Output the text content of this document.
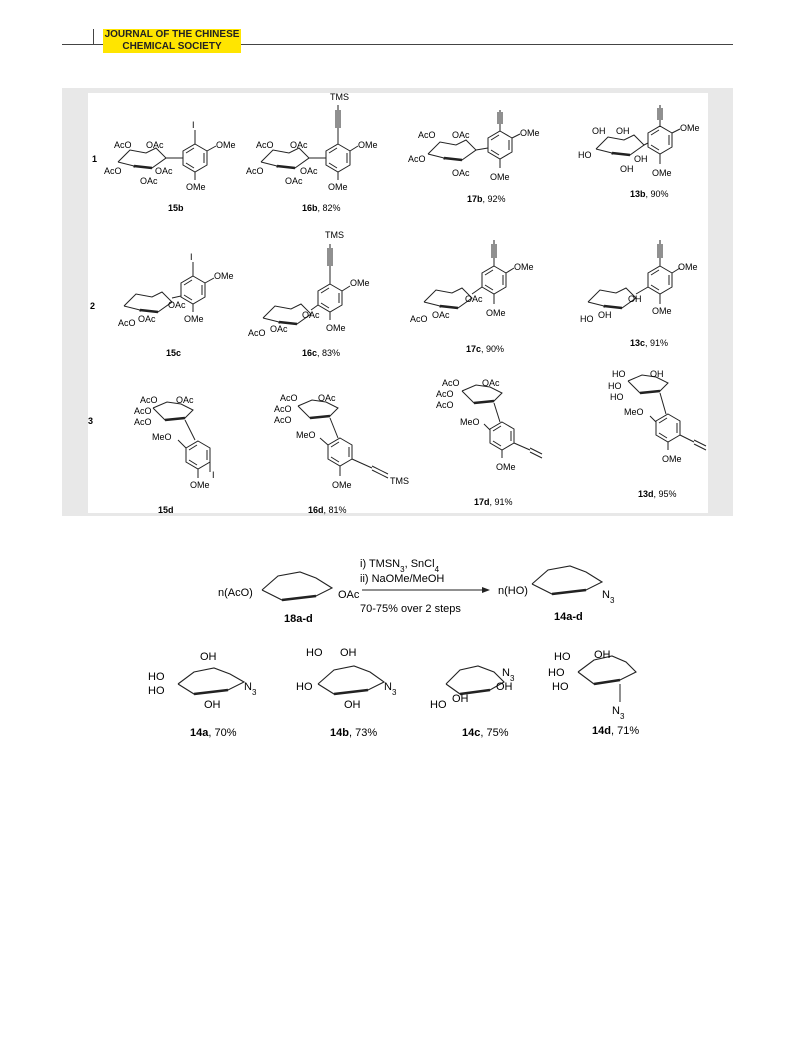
JOURNAL OF THE CHINESE
CHEMICAL SOCIETY
1
2
3
I
OMe
OMe
AcO OAc
AcO
OAc
OAc
15b
TMS
OMe
OMe
AcO OAc
AcO
OAc
OAc
16b, 82%
OMe
OMe
AcO OAc
AcO
OAc
17b, 92%
OMe
OMe
OH OH
HO
OH
OH
13b, 90%
I
OMe
OMe
OAc
AcO OAc
15c
TMS
OMe
OMe
OAc
AcO OAc
16c, 83%
OMe
OMe
OAc
AcO OAc
17c, 90%
OMe
OMe
OH
HO OH
13c, 91%
AcO OAc
AcO
AcO
MeO
I
OMe
15d
AcO OAc
AcO
AcO
MeO
TMS
OMe
16d, 81%
AcO OAc
AcO
AcO
MeO
OMe
17d, 91%
HO	OH
HO
HO
MeO
OMe
13d, 95%
n(AcO)	OAc
18a-d
i) $TMSN_3$, SnCl$_4$
ii) NaOMe/MeOH
70-75% over 2 steps
n(HO)	$N_3$
14a-d
OH
HO
HO
OH
$N_3$
14a, 70%
HO OH
HO
OH
$N_3$
14b, 73%
$N_3$
OH
HO OH
14c, 75%
HO OH
HO
HO
$N_3$
14d, 71%
